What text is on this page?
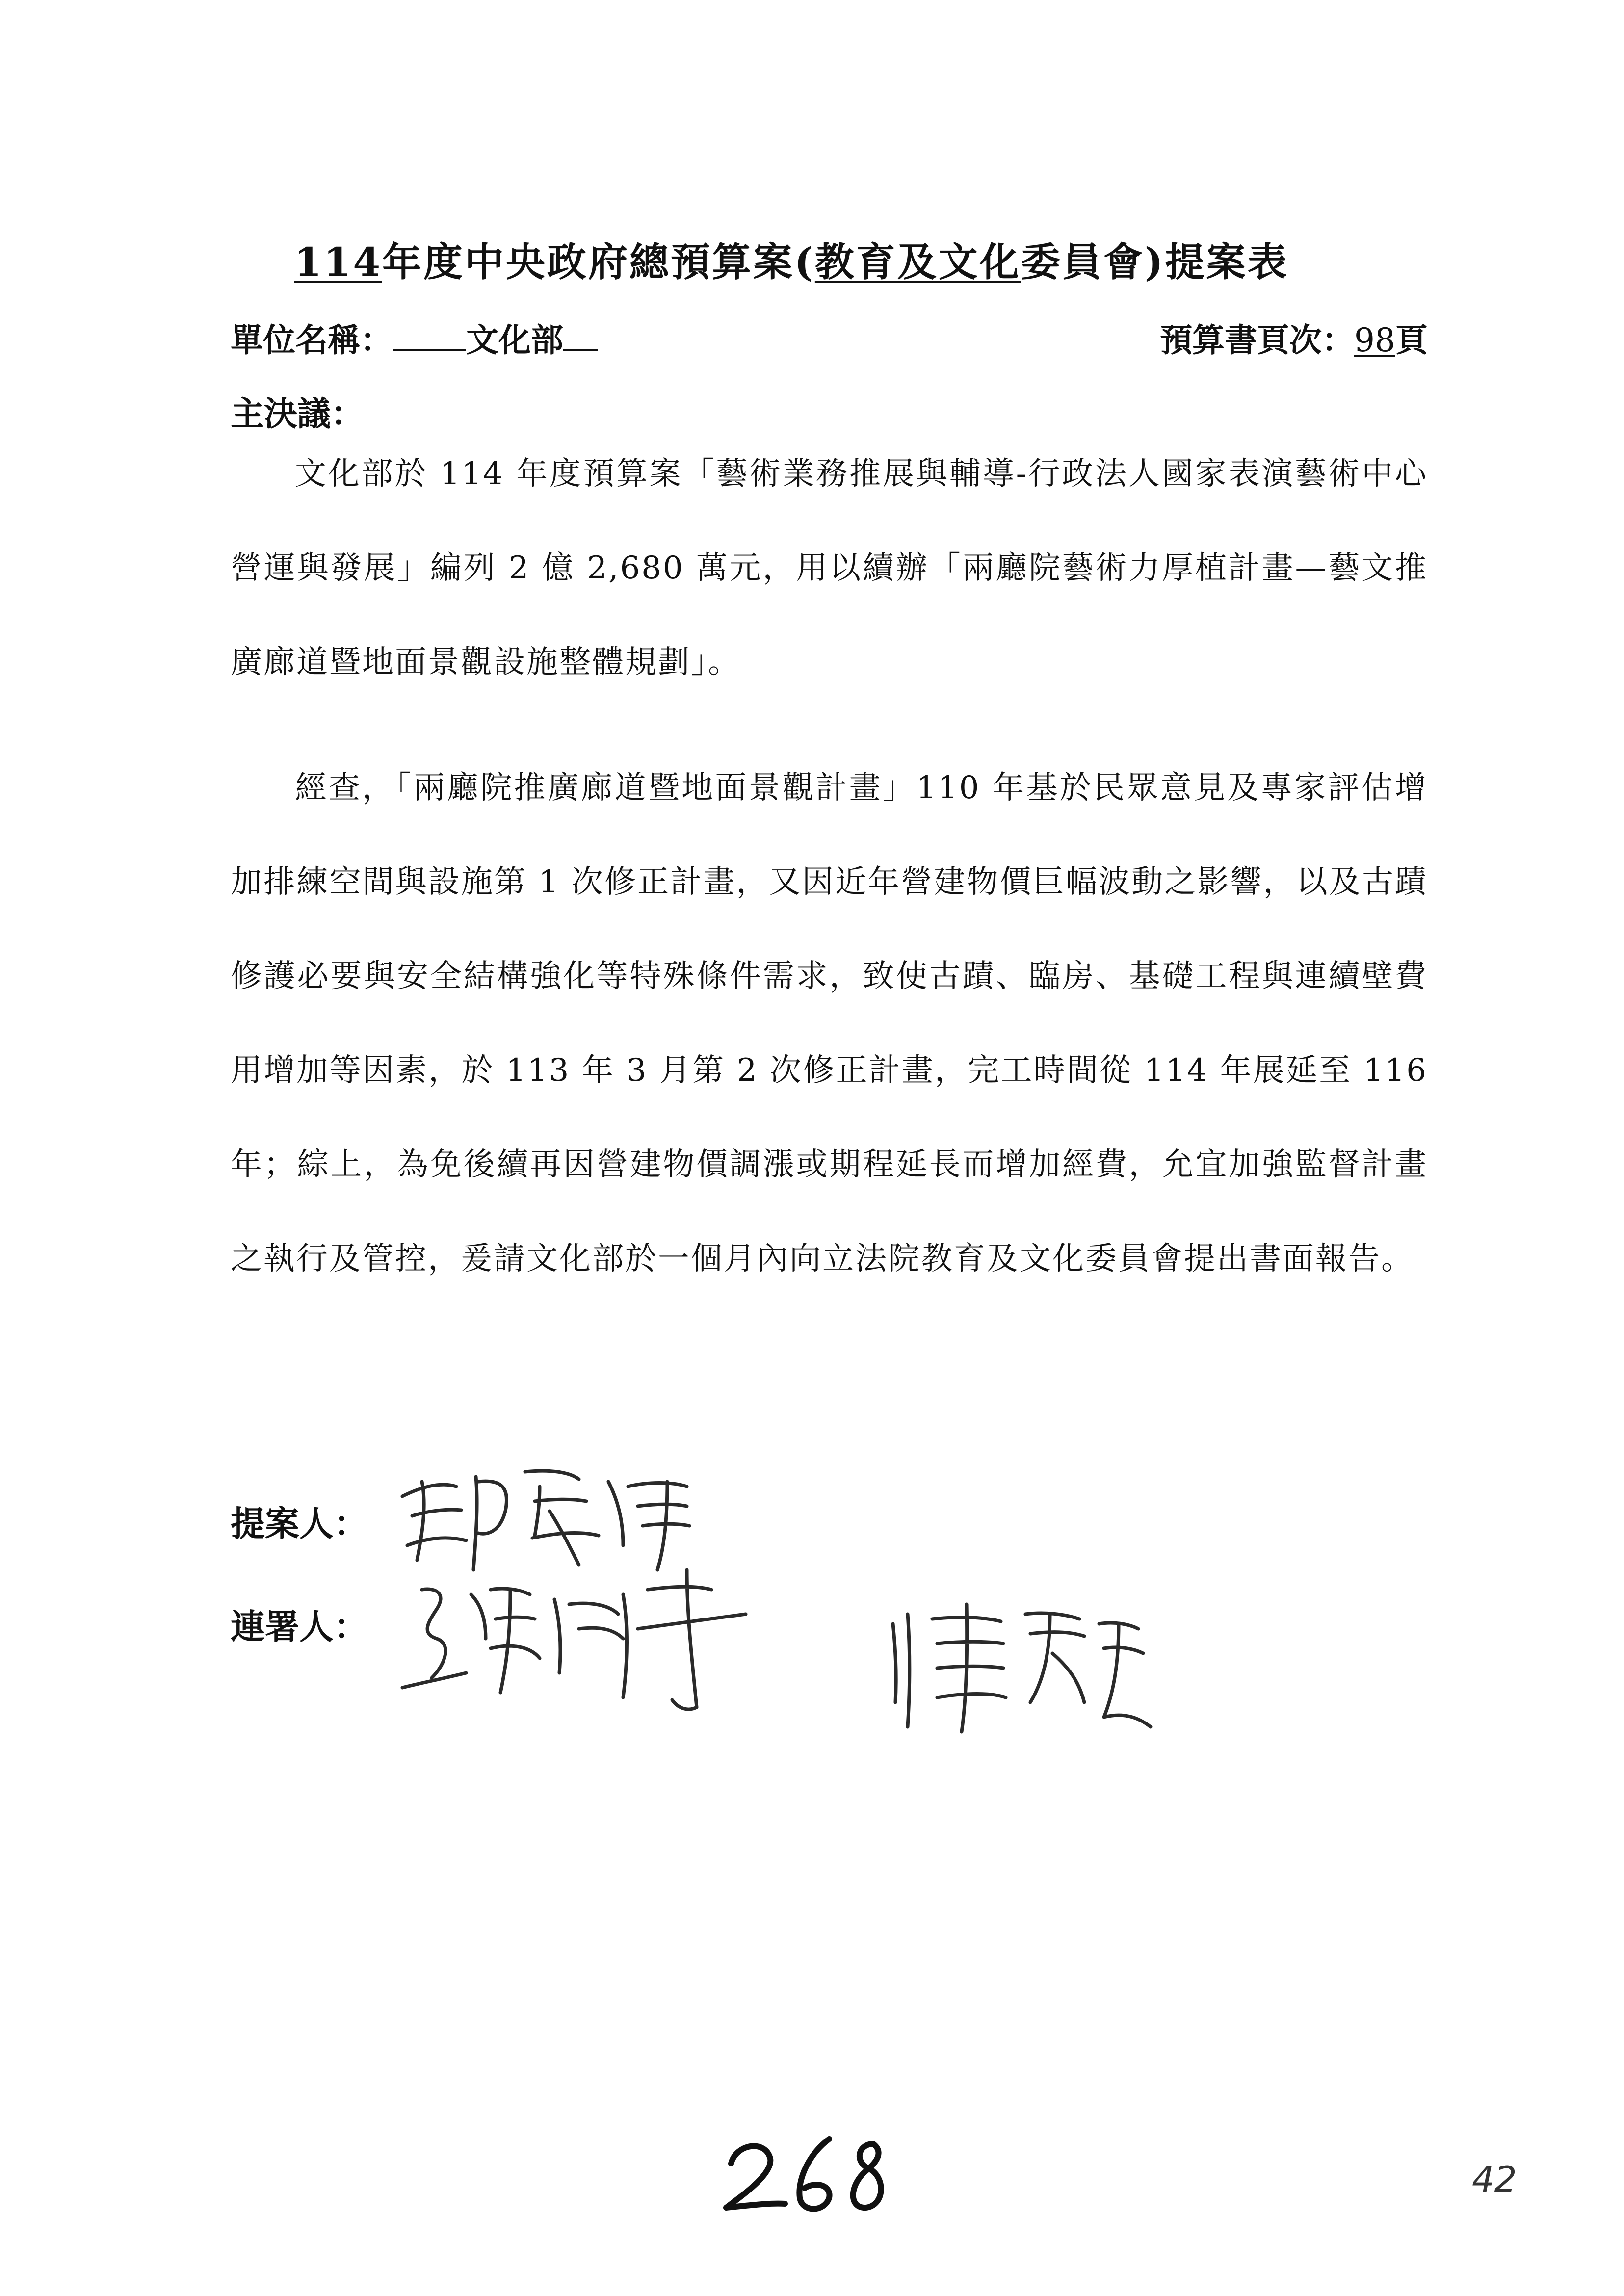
114年度中央政府總預算案(教育及文化委員會)提案表
單位名稱： 文化部	預算書頁次：98頁
主決議：
文化部於 114 年度預算案「藝術業務推展與輔導-行政法人國家表演藝術中心營運與發展」編列 2 億 2,680 萬元，用以續辦「兩廳院藝術力厚植計畫—藝文推廣廊道暨地面景觀設施整體規劃」。
經查，「兩廳院推廣廊道暨地面景觀計畫」110 年基於民眾意見及專家評估增加排練空間與設施第 1 次修正計畫，又因近年營建物價巨幅波動之影響，以及古蹟修護必要與安全結構強化等特殊條件需求，致使古蹟、臨房、基礎工程與連續壁費用增加等因素，於 113 年 3 月第 2 次修正計畫，完工時間從 114 年展延至 116 年；綜上，為免後續再因營建物價調漲或期程延長而增加經費，允宜加強監督計畫之執行及管控，爰請文化部於一個月內向立法院教育及文化委員會提出書面報告。
提案人：
連署人：
42
